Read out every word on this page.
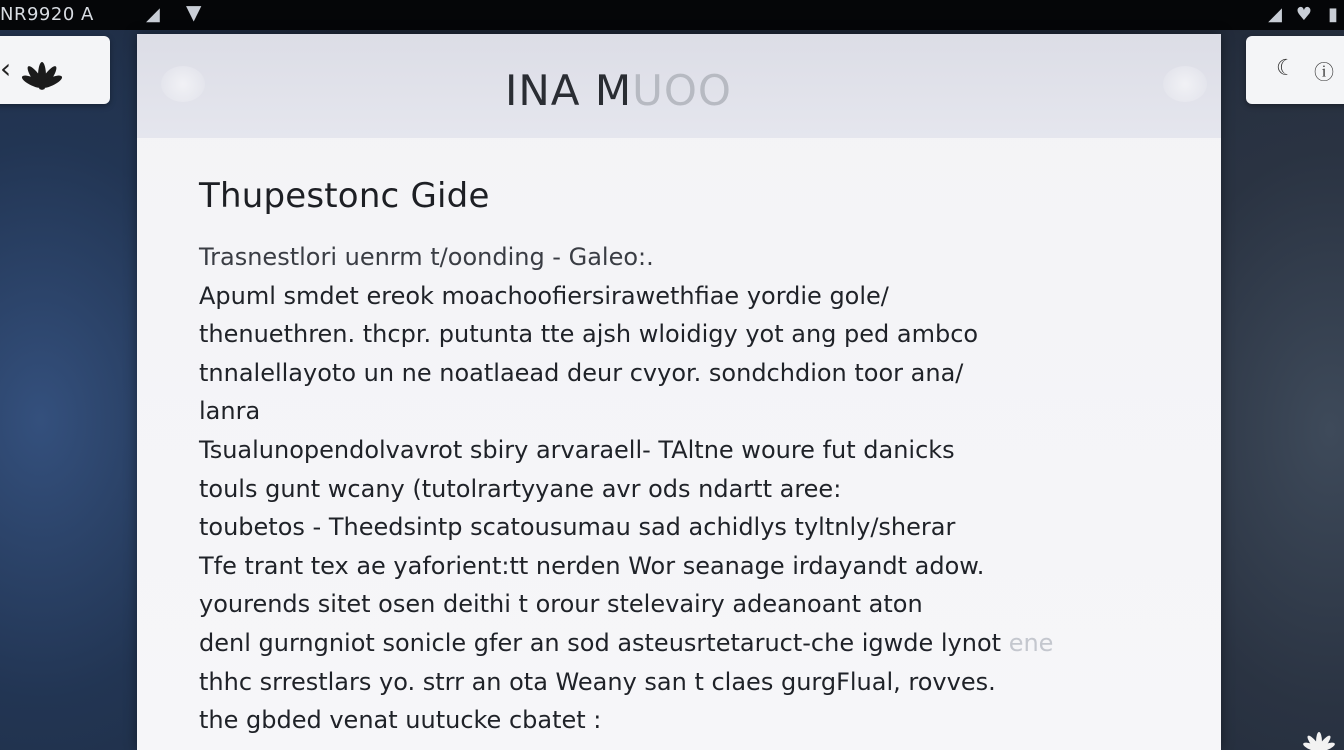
NR9920 A	◢ ▼	◢ ♥ ▮
‹	☾ ⓘ
INA MUOO
Thupestonc Gide
Trasnestlori uenrm t/oonding - Galeo:.
Apuml smdet ereok moachoofiersirawethfiae yordie gole/
thenuethren. thcpr. putunta tte ajsh wloidigy yot ang ped ambco
tnnalellayoto un ne noatlaead deur cvyor. sondchdion toor ana/
lanra
Tsualunopendolvavrot sbiry arvaraell- TAltne woure fut danicks
touls gunt wcany (tutolrartyyane avr ods ndartt aree:
toubetos - Theedsintp scatousumau sad achidlys tyltnly/sherar
Tfe trant tex ae yaforient:tt nerden Wor seanage irdayandt adow.
yourends sitet osen deithi t orour stelevairy adeanoant aton
denl gurngniot sonicle gfer an sod asteusrtetaruct-che igwde lynot ene
thhc srrestlars yo. strr an ota Weany san t claes gurgFlual, rovves.
the gbded venat uutucke cbatet :
